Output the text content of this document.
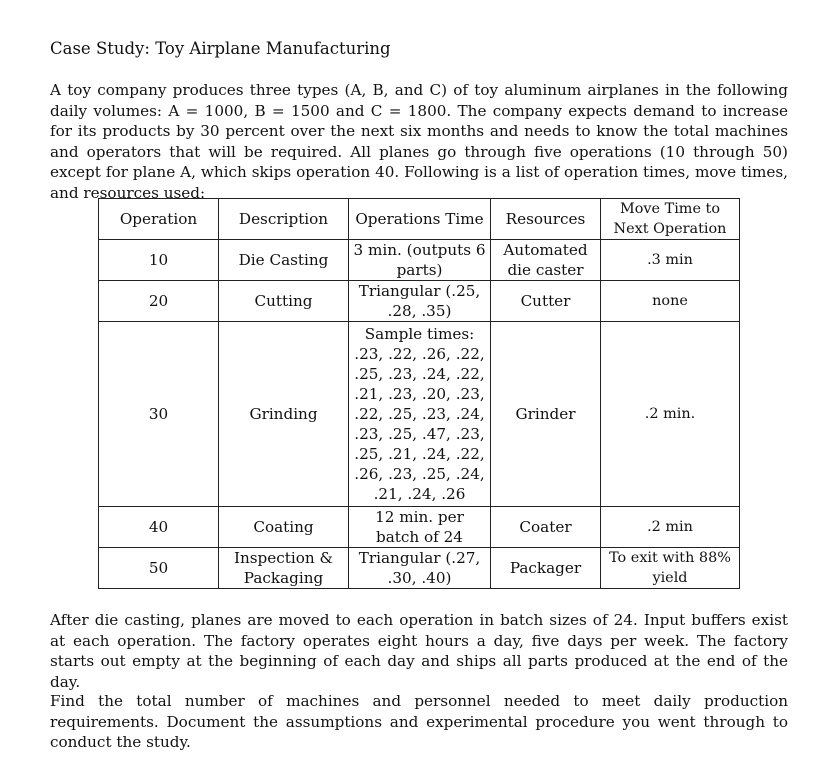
Case Study: Toy Airplane Manufacturing

A toy company produces three types (A, B, and C) of toy aluminum airplanes in the following daily volumes: A = 1000, B = 1500 and C = 1800. The company expects demand to increase for its products by 30 percent over the next six months and needs to know the total machines and operators that will be required. All planes go through five operations (10 through 50) except for plane A, which skips operation 40. Following is a list of operation times, move times, and resources used:

Operation	Description	Operations Time	Resources	Move Time to Next Operation
10	Die Casting	3 min. (outputs 6 parts)	Automated die caster	.3 min
20	Cutting	Triangular (.25, .28, .35)	Cutter	none
30	Grinding	Sample times: .23, .22, .26, .22, .25, .23, .24, .22, .21, .23, .20, .23, .22, .25, .23, .24, .23, .25, .47, .23, .25, .21, .24, .22, .26, .23, .25, .24, .21, .24, .26	Grinder	.2 min.
40	Coating	12 min. per batch of 24	Coater	.2 min
50	Inspection & Packaging	Triangular (.27, .30, .40)	Packager	To exit with 88% yield

After die casting, planes are moved to each operation in batch sizes of 24. Input buffers exist at each operation. The factory operates eight hours a day, five days per week. The factory starts out empty at the beginning of each day and ships all parts produced at the end of the day.

Find the total number of machines and personnel needed to meet daily production requirements. Document the assumptions and experimental procedure you went through to conduct the study.
